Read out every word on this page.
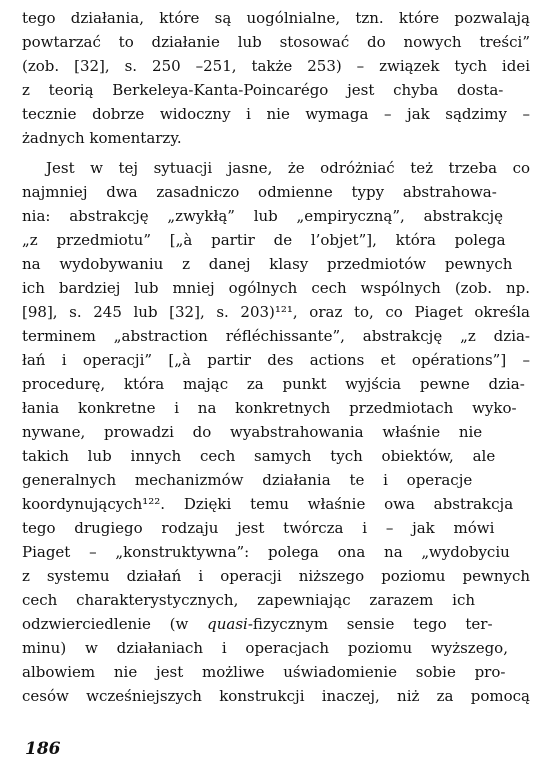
tego działania, które są uogólnialne, tzn. które pozwalają
powtarzać to działanie lub stosować do nowych treści”
(zob. [32], s. 250 –251, także 253) – związek tych idei
z teorią Berkeleya-Kanta-Poincarégo jest chyba dosta-
tecznie dobrze widoczny i nie wymaga – jak sądzimy –
żadnych komentarzy.
Jest w tej sytuacji jasne, że odróżniać też trzeba co
najmniej dwa zasadniczo odmienne typy abstrahowa-
nia: abstrakcję „zwykłą” lub „empiryczną”, abstrakcję
„z przedmiotu” [„à partir de l’objet”], która polega
na wydobywaniu z danej klasy przedmiotów pewnych
ich bardziej lub mniej ogólnych cech wspólnych (zob. np.
[98], s. 245 lub [32], s. 203)¹²¹, oraz to, co Piaget określa
terminem „abstraction réfléchissante”, abstrakcję „z dzia-
łań i operacji” [„à partir des actions et opérations”] –
procedurę, która mając za punkt wyjścia pewne dzia-
łania konkretne i na konkretnych przedmiotach wyko-
nywane, prowadzi do wyabstrahowania właśnie nie
takich lub innych cech samych tych obiektów, ale
generalnych mechanizmów działania te i operacje
koordynujących¹²². Dzięki temu właśnie owa abstrakcja
tego drugiego rodzaju jest twórcza i – jak mówi
Piaget – „konstruktywna”: polega ona na „wydobyciu
z systemu działań i operacji niższego poziomu pewnych
cech charakterystycznych, zapewniając zarazem ich
odzwierciedlenie (w quasi-fizycznym sensie tego ter-
minu) w działaniach i operacjach poziomu wyższego,
albowiem nie jest możliwe uświadomienie sobie pro-
cesów wcześniejszych konstrukcji inaczej, niż za pomocą
186
